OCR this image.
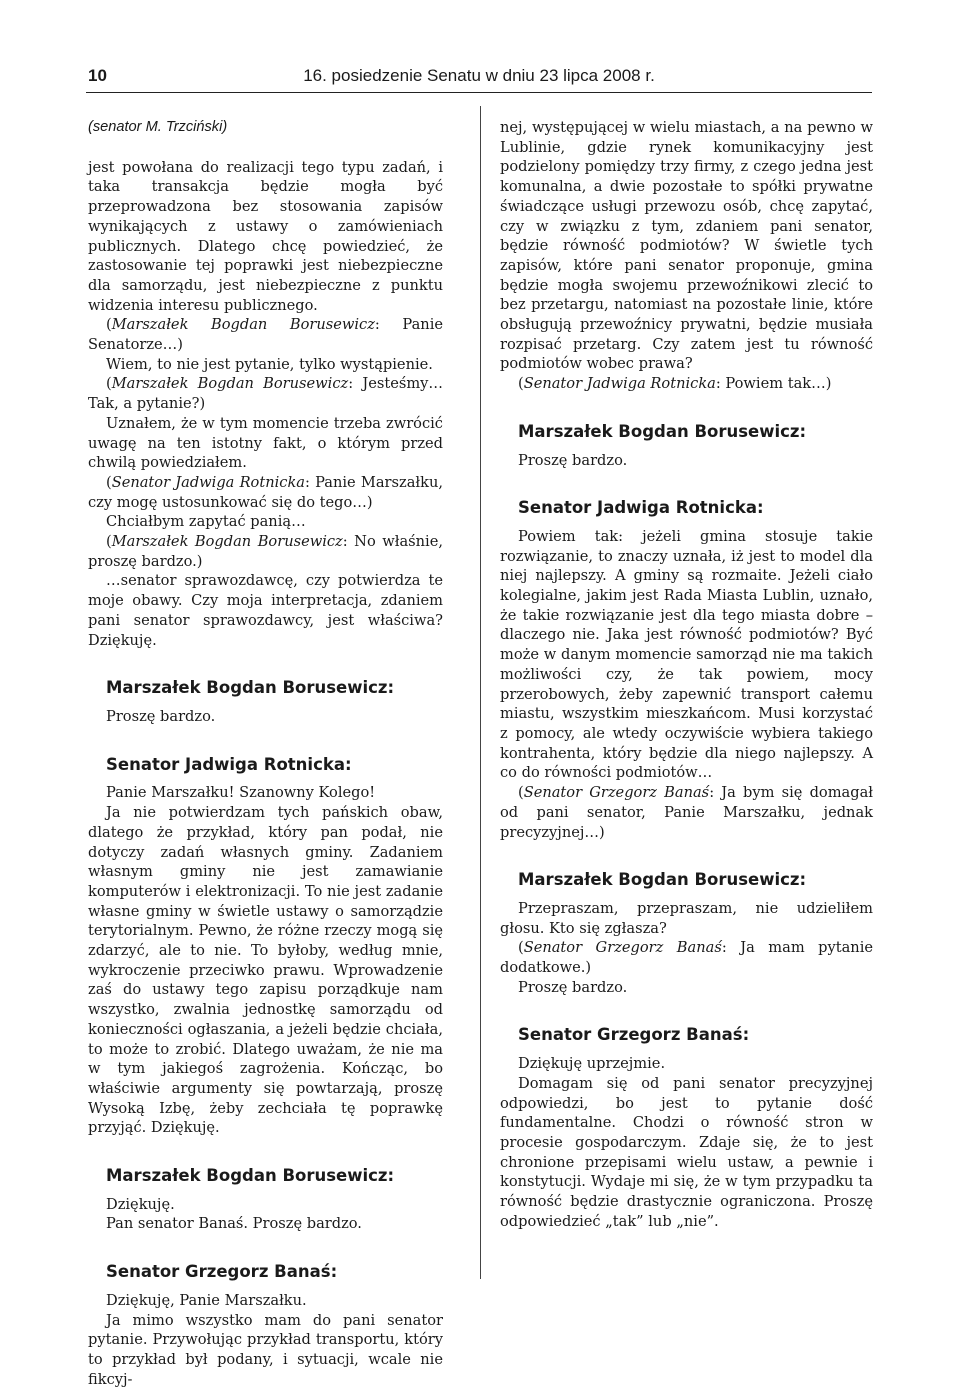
10	16. posiedzenie Senatu w dniu 23 lipca 2008 r.
(senator M. Trzciński)

jest powołana do realizacji tego typu zadań, i taka transakcja będzie mogła być przeprowadzona bez stosowania zapisów wynikających z ustawy o zamówieniach publicznych. Dlatego chcę powiedzieć, że zastosowanie tej poprawki jest niebezpieczne dla samorządu, jest niebezpieczne z punktu widzenia interesu publicznego.

(Marszałek Bogdan Borusewicz: Panie Senatorze…)

Wiem, to nie jest pytanie, tylko wystąpienie.

(Marszałek Bogdan Borusewicz: Jesteśmy… Tak, a pytanie?)

Uznałem, że w tym momencie trzeba zwrócić uwagę na ten istotny fakt, o którym przed chwilą powiedziałem.

(Senator Jadwiga Rotnicka: Panie Marszałku, czy mogę ustosunkować się do tego…)

Chciałbym zapytać panią…

(Marszałek Bogdan Borusewicz: No właśnie, proszę bardzo.)

…senator sprawozdawcę, czy potwierdza te moje obawy. Czy moja interpretacja, zdaniem pani senator sprawozdawcy, jest właściwa? Dziękuję.

Marszałek Bogdan Borusewicz:

Proszę bardzo.

Senator Jadwiga Rotnicka:

Panie Marszałku! Szanowny Kolego!

Ja nie potwierdzam tych pańskich obaw, dlatego że przykład, który pan podał, nie dotyczy zadań własnych gminy. Zadaniem własnym gminy nie jest zamawianie komputerów i elektronizacji. To nie jest zadanie własne gminy w świetle ustawy o samorządzie terytorialnym. Pewno, że różne rzeczy mogą się zdarzyć, ale to nie. To byłoby, według mnie, wykroczenie przeciwko prawu. Wprowadzenie zaś do ustawy tego zapisu porządkuje nam wszystko, zwalnia jednostkę samorządu od konieczności ogłaszania, a jeżeli będzie chciała, to może to zrobić. Dlatego uważam, że nie ma w tym jakiegoś zagrożenia. Kończąc, bo właściwie argumenty się powtarzają, proszę Wysoką Izbę, żeby zechciała tę poprawkę przyjąć. Dziękuję.

Marszałek Bogdan Borusewicz:

Dziękuję.

Pan senator Banaś. Proszę bardzo.

Senator Grzegorz Banaś:

Dziękuję, Panie Marszałku.

Ja mimo wszystko mam do pani senator pytanie. Przywołując przykład transportu, który to przykład był podany, i sytuacji, wcale nie fikcyj-

nej, występującej w wielu miastach, a na pewno w Lublinie, gdzie rynek komunikacyjny jest podzielony pomiędzy trzy firmy, z czego jedna jest komunalna, a dwie pozostałe to spółki prywatne świadczące usługi przewozu osób, chcę zapytać, czy w związku z tym, zdaniem pani senator, będzie równość podmiotów? W świetle tych zapisów, które pani senator proponuje, gmina będzie mogła swojemu przewoźnikowi zlecić to bez przetargu, natomiast na pozostałe linie, które obsługują przewoźnicy prywatni, będzie musiała rozpisać przetarg. Czy zatem jest tu równość podmiotów wobec prawa?

(Senator Jadwiga Rotnicka: Powiem tak…)

Marszałek Bogdan Borusewicz:

Proszę bardzo.

Senator Jadwiga Rotnicka:

Powiem tak: jeżeli gmina stosuje takie rozwiązanie, to znaczy uznała, iż jest to model dla niej najlepszy. A gminy są rozmaite. Jeżeli ciało kolegialne, jakim jest Rada Miasta Lublin, uznało, że takie rozwiązanie jest dla tego miasta dobre – dlaczego nie. Jaka jest równość podmiotów? Być może w danym momencie samorząd nie ma takich możliwości czy, że tak powiem, mocy przerobowych, żeby zapewnić transport całemu miastu, wszystkim mieszkańcom. Musi korzystać z pomocy, ale wtedy oczywiście wybiera takiego kontrahenta, który będzie dla niego najlepszy. A co do równości podmiotów…

(Senator Grzegorz Banaś: Ja bym się domagał od pani senator, Panie Marszałku, jednak precyzyjnej…)

Marszałek Bogdan Borusewicz:

Przepraszam, przepraszam, nie udzieliłem głosu. Kto się zgłasza?

(Senator Grzegorz Banaś: Ja mam pytanie dodatkowe.)

Proszę bardzo.

Senator Grzegorz Banaś:

Dziękuję uprzejmie.

Domagam się od pani senator precyzyjnej odpowiedzi, bo jest to pytanie dość fundamentalne. Chodzi o równość stron w procesie gospodarczym. Zdaje się, że to jest chronione przepisami wielu ustaw, a pewnie i konstytucji. Wydaje mi się, że w tym przypadku ta równość będzie drastycznie ograniczona. Proszę odpowiedzieć „tak” lub „nie”.
